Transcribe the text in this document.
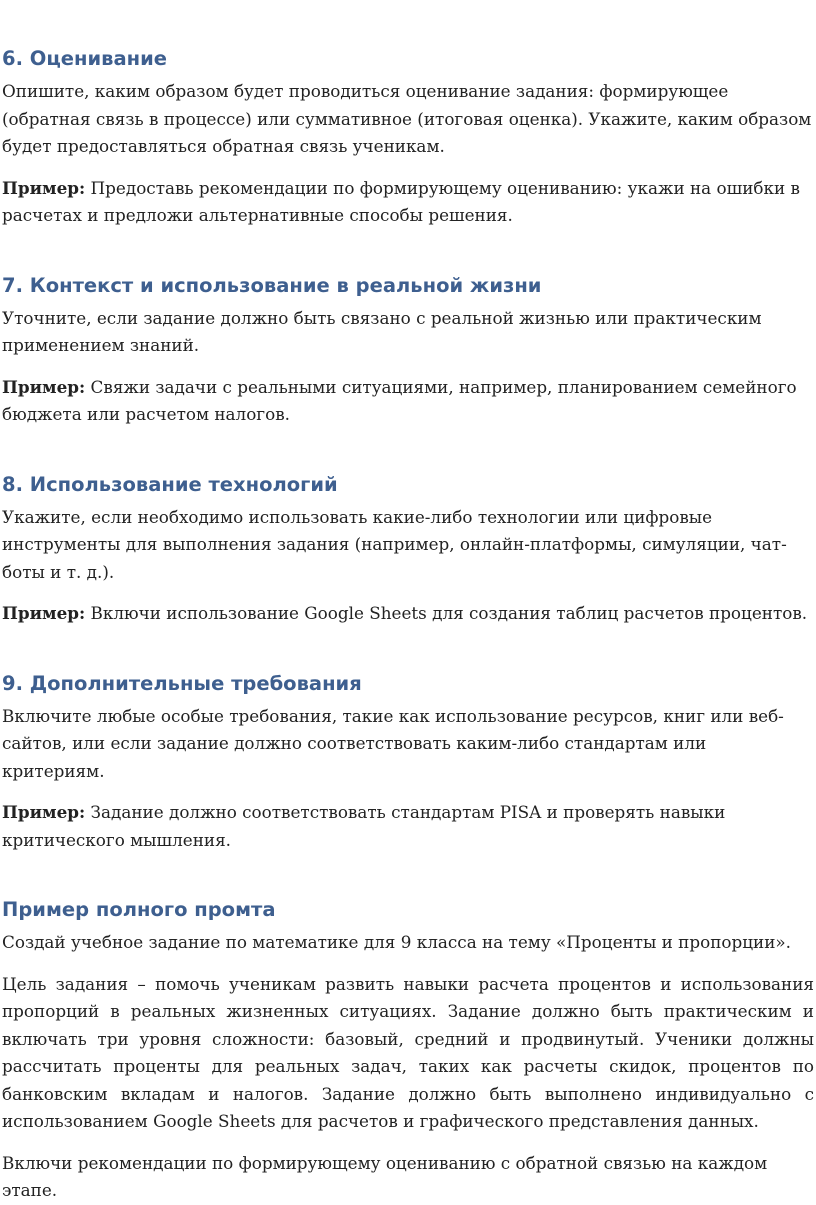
6. Оценивание

Опишите, каким образом будет проводиться оценивание задания: формирующее (обратная связь в процессе) или суммативное (итоговая оценка). Укажите, каким образом будет предоставляться обратная связь ученикам.

Пример: Предоставь рекомендации по формирующему оцениванию: укажи на ошибки в расчетах и предложи альтернативные способы решения.

7. Контекст и использование в реальной жизни

Уточните, если задание должно быть связано с реальной жизнью или практическим применением знаний.

Пример: Свяжи задачи с реальными ситуациями, например, планированием семейного бюджета или расчетом налогов.

8. Использование технологий

Укажите, если необходимо использовать какие-либо технологии или цифровые инструменты для выполнения задания (например, онлайн-платформы, симуляции, чат-боты и т. д.).

Пример: Включи использование Google Sheets для создания таблиц расчетов процентов.

9. Дополнительные требования

Включите любые особые требования, такие как использование ресурсов, книг или веб-сайтов, или если задание должно соответствовать каким-либо стандартам или критериям.

Пример: Задание должно соответствовать стандартам PISA и проверять навыки критического мышления.

Пример полного промта

Создай учебное задание по математике для 9 класса на тему «Проценты и пропорции».

Цель задания – помочь ученикам развить навыки расчета процентов и использования пропорций в реальных жизненных ситуациях. Задание должно быть практическим и включать три уровня сложности: базовый, средний и продвинутый. Ученики должны рассчитать проценты для реальных задач, таких как расчеты скидок, процентов по банковским вкладам и налогов. Задание должно быть выполнено индивидуально с использованием Google Sheets для расчетов и графического представления данных.

Включи рекомендации по формирующему оцениванию с обратной связью на каждом этапе.
